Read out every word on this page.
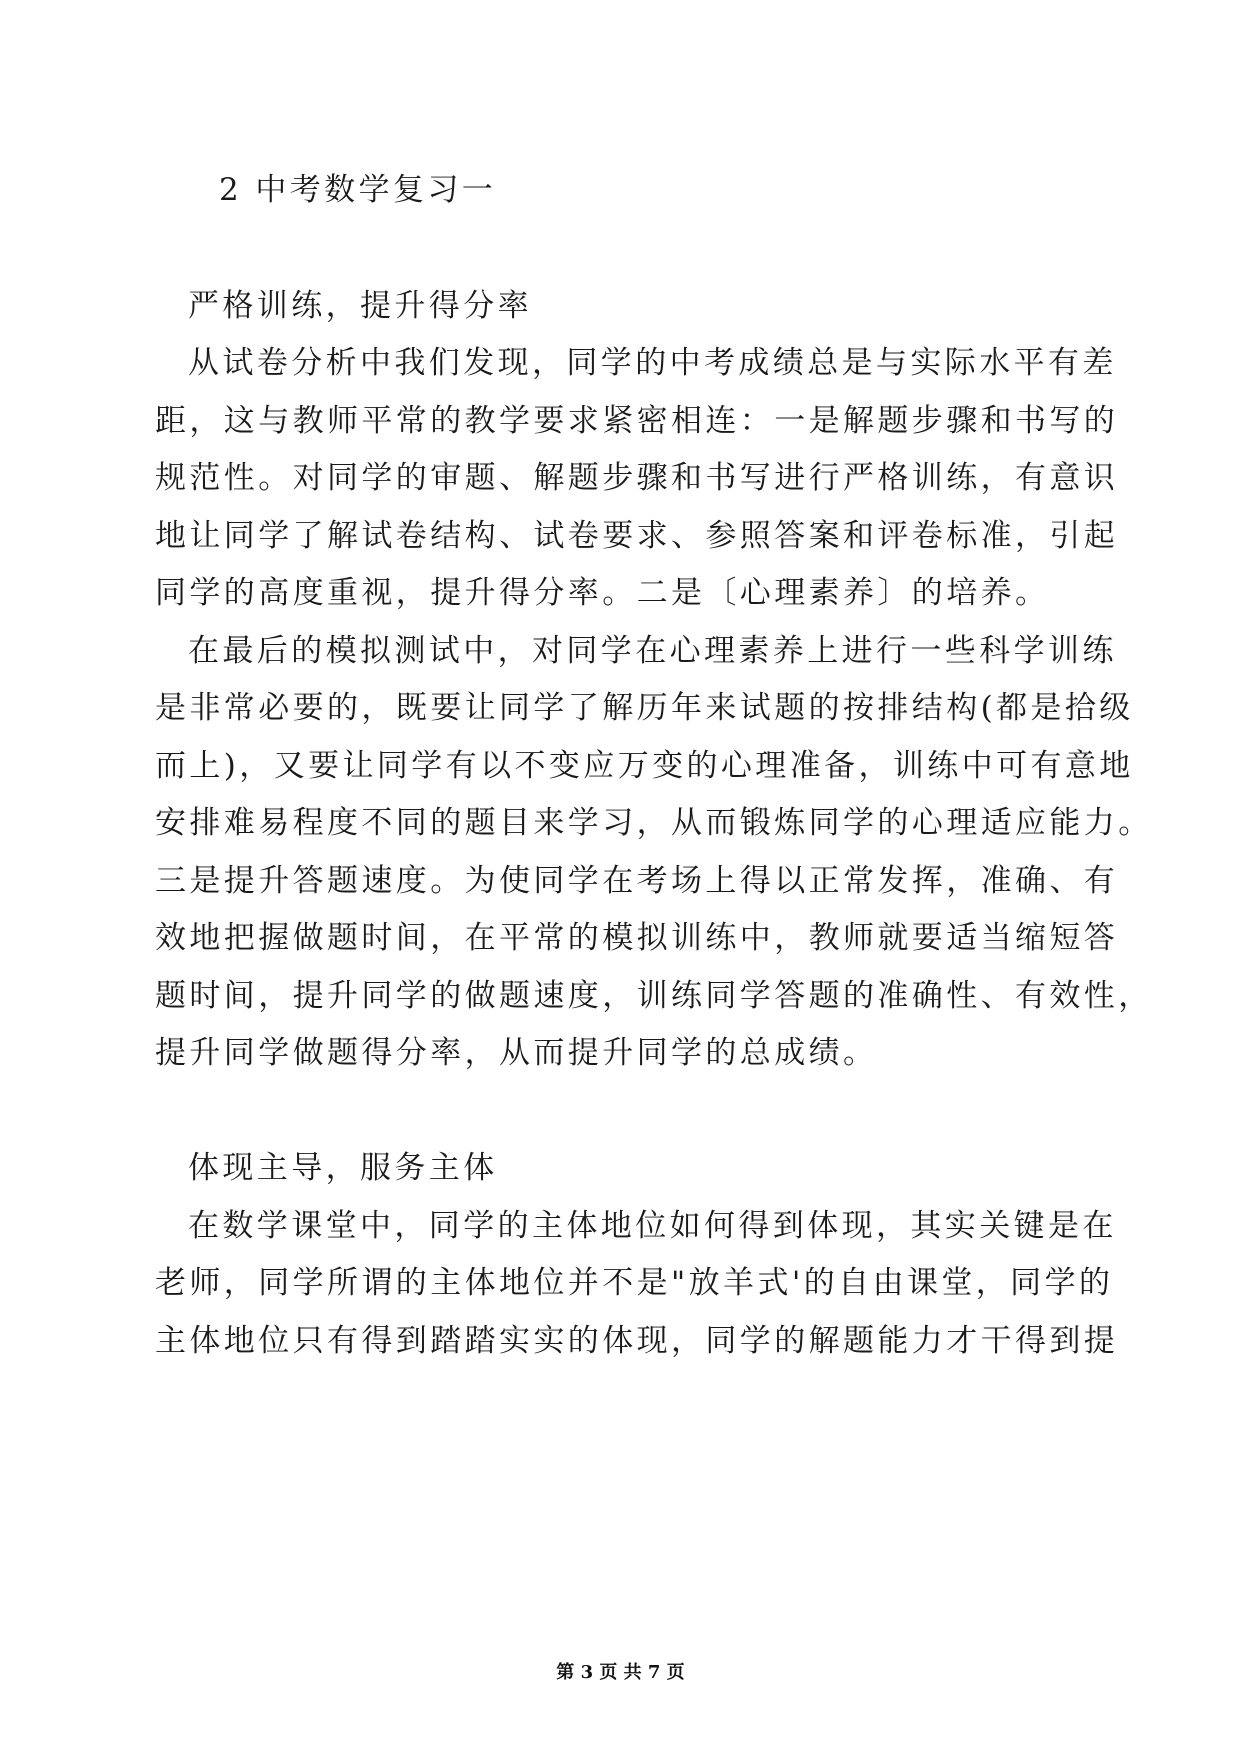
2 中考数学复习一
严格训练，提升得分率
从试卷分析中我们发现，同学的中考成绩总是与实际水平有差
距，这与教师平常的教学要求紧密相连：一是解题步骤和书写的
规范性。对同学的审题、解题步骤和书写进行严格训练，有意识
地让同学了解试卷结构、试卷要求、参照答案和评卷标准，引起
同学的高度重视，提升得分率。二是〔心理素养〕的培养。
在最后的模拟测试中，对同学在心理素养上进行一些科学训练
是非常必要的，既要让同学了解历年来试题的按排结构(都是拾级
而上)，又要让同学有以不变应万变的心理准备，训练中可有意地
安排难易程度不同的题目来学习，从而锻炼同学的心理适应能力。
三是提升答题速度。为使同学在考场上得以正常发挥，准确、有
效地把握做题时间，在平常的模拟训练中，教师就要适当缩短答
题时间，提升同学的做题速度，训练同学答题的准确性、有效性，
提升同学做题得分率，从而提升同学的总成绩。
体现主导，服务主体
在数学课堂中，同学的主体地位如何得到体现，其实关键是在
老师，同学所谓的主体地位并不是"放羊式'的自由课堂，同学的
主体地位只有得到踏踏实实的体现，同学的解题能力才干得到提
第 3 页 共 7 页
